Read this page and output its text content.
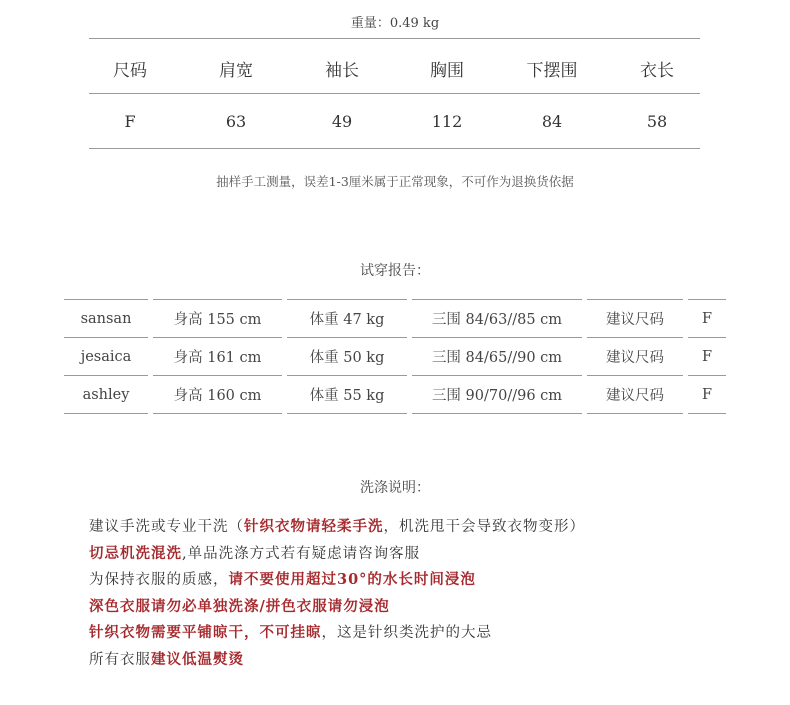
重量：0.49 kg
尺码	肩宽	袖长	胸围	下摆围	衣长
F	63	49	112	84	58
抽样手工测量，误差1-3厘米属于正常现象，不可作为退换货依据
试穿报告：
sansan	身高 155 cm	体重 47 kg	三围 84/63//85 cm	建议尺码	F
jesaica	身高 161 cm	体重 50 kg	三围 84/65//90 cm	建议尺码	F
ashley	身高 160 cm	体重 55 kg	三围 90/70//96 cm	建议尺码	F
洗涤说明：
建议手洗或专业干洗（针织衣物请轻柔手洗，机洗甩干会导致衣物变形）
切忌机洗混洗,单品洗涤方式若有疑虑请咨询客服
为保持衣服的质感，请不要使用超过30°的水长时间浸泡
深色衣服请勿必单独洗涤/拼色衣服请勿浸泡
针织衣物需要平铺晾干，不可挂晾，这是针织类洗护的大忌
所有衣服建议低温熨烫
